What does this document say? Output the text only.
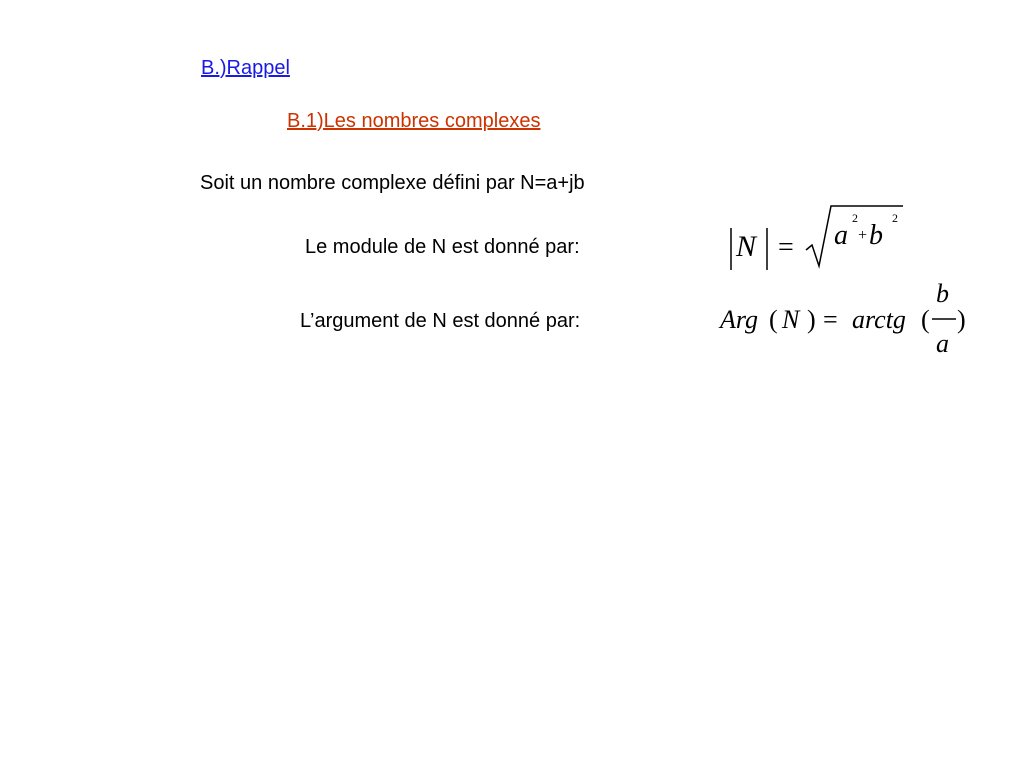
B.)Rappel
B.1)Les nombres complexes
Soit un nombre complexe défini par N=a+jb
Le module de N est donné par:
L’argument de N est donné par:
N = a
2
+ b
2
Arg ( N ) = arctg (
b
a
)
